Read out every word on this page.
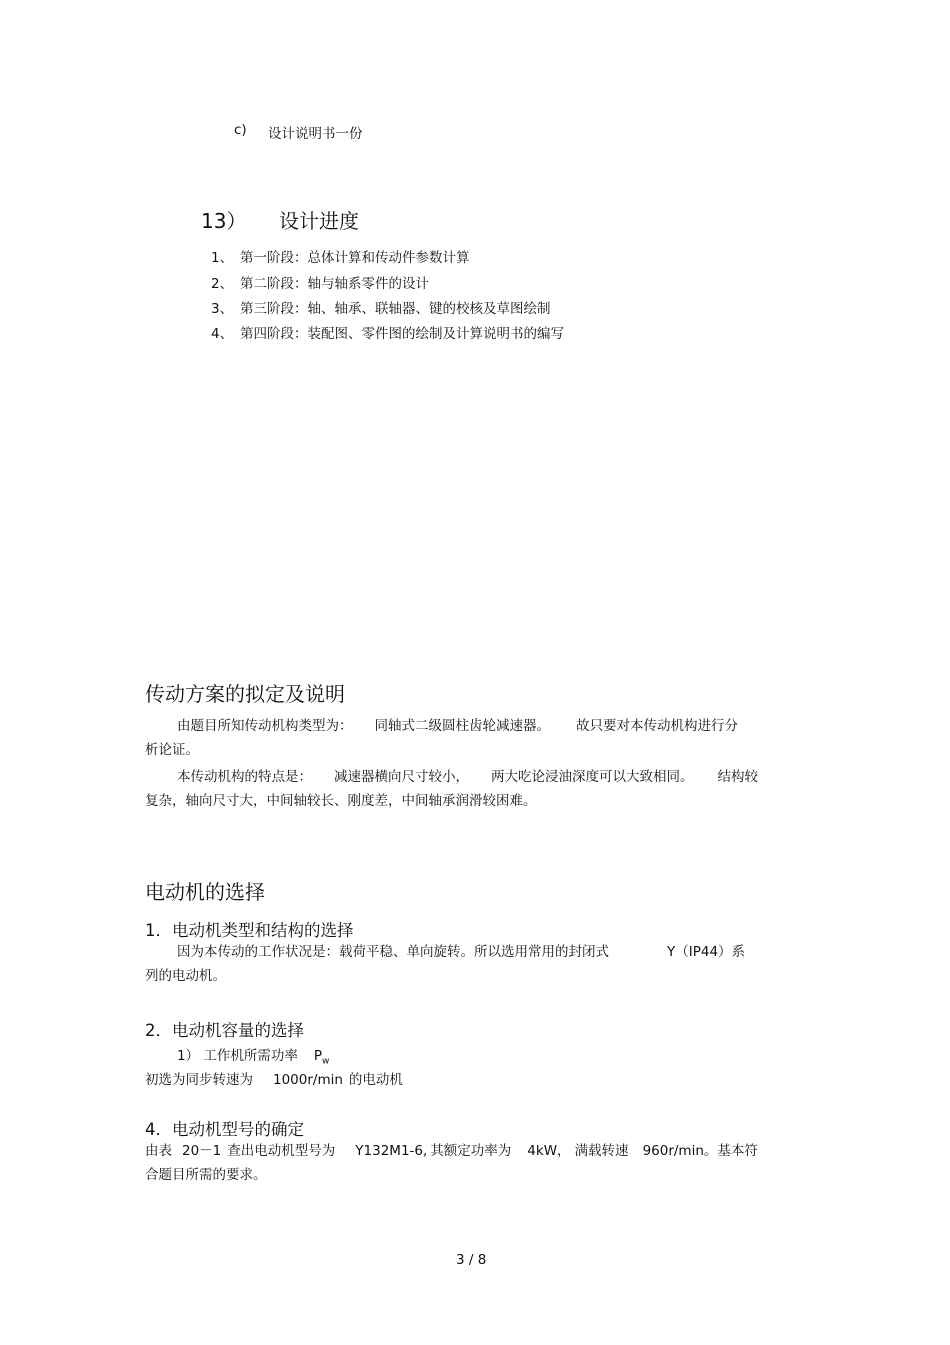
c) 设计说明书一份
13） 设计进度
1、 第一阶段：总体计算和传动件参数计算
2、 第二阶段：轴与轴系零件的设计
3、 第三阶段：轴、轴承、联轴器、键的校核及草图绘制
4、 第四阶段：装配图、零件图的绘制及计算说明书的编写
传动方案的拟定及说明
由题目所知传动机构类型为： 同轴式二级圆柱齿轮减速器。 故只要对本传动机构进行分
析论证。
本传动机构的特点是： 减速器横向尺寸较小， 两大吃论浸油深度可以大致相同。 结构较
复杂，轴向尺寸大，中间轴较长、刚度差，中间轴承润滑较困难。
电动机的选择
1．电动机类型和结构的选择
因为本传动的工作状况是：载荷平稳、单向旋转。所以选用常用的封闭式	Y（IP44）系
列的电动机。
2．电动机容量的选择
1） 工作机所需功率 $P_w$
初选为同步转速为 1000r/min 的电动机
4．电动机型号的确定
由表 20－1 查出电动机型号为 Y132M1-6, 其额定功率为 4kW， 满载转速 960r/min。基本符
合题目所需的要求。
3 / 8
